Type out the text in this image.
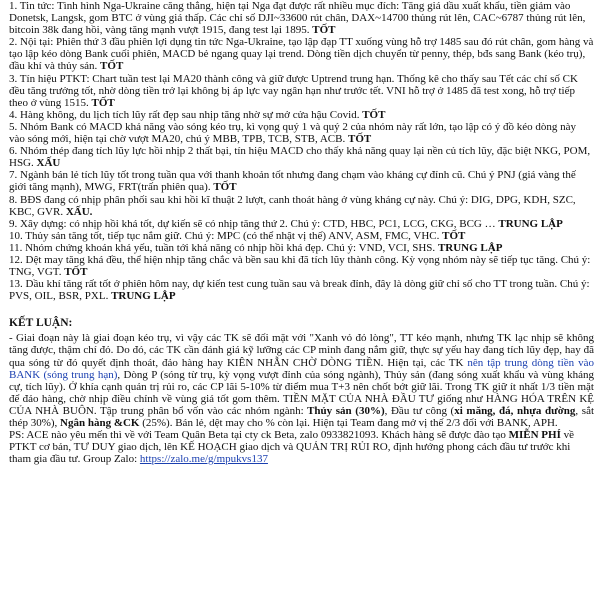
1. Tin tức: Tình hình Nga-Ukraine căng thẳng, hiện tại Nga đạt được rất nhiều mục đích: Tăng giá dầu xuất khẩu, tiền giảm vào Donetsk, Langsk, gom BTC ở vùng giá thấp. Các chỉ số DJI~33600 rút chân, DAX~14700 thủng rút lên, CAC~6787 thủng rút lên, bitcoin 38k đang hồi, vàng tăng mạnh vượt 1915, đang test lại 1895. TỐT
2. Nội tại: Phiên thứ 3 đầu phiên lợi dụng tin tức Nga-Ukraine, tạo lập đạp TT xuống vùng hỗ trợ 1485 sau đó rút chân, gom hàng và tạo lập kéo dòng Bank cuối phiên, MACD bẻ ngang quay lại trend. Dòng tiền dịch chuyển từ penny, thép, bđs sang Bank (kéo trụ), đầu khí và thủy sản. TỐT
3. Tín hiệu PTKT: Chart tuần test lại MA20 thành công và giữ được Uptrend trung hạn. Thống kê cho thấy sau Tết các chỉ số CK đều tăng trưởng tốt, nhờ dòng tiền trở lại không bị áp lực vay ngân hạn như trước tết. VNI hỗ trợ ở 1485 đã test xong, hỗ trợ tiếp theo ở vùng 1515. TỐT
4. Hàng không, du lịch tích lũy rất đẹp sau nhịp tăng nhờ sự mở cửa hậu Covid. TỐT
5. Nhóm Bank có MACD khả năng vào sóng kéo trụ, kì vọng quý 1 và quý 2 của nhóm này rất lớn, tạo lập có ý đồ kéo dòng này vào sóng mới, hiện tại chờ vượt MA20, chú ý MBB, TPB, TCB, STB, ACB. TỐT
6. Nhóm thép đang tích lũy lực hồi nhịp 2 thất bại, tín hiệu MACD cho thấy khả năng quay lại nền củ tích lũy, đặc biệt NKG, POM, HSG. XẤU
7. Ngành bán lẻ tích lũy tốt trong tuần qua với thanh khoản tốt nhưng đang chạm vào kháng cự đỉnh cũ. Chú ý PNJ (giá vàng thế giới tăng mạnh), MWG, FRT(trấn phiên qua). TỐT
8. BĐS đang có nhịp phân phối sau khi hồi kĩ thuật 2 lượt, canh thoát hàng ở vùng kháng cự này. Chú ý: DIG, DPG, KDH, SZC, KBC, GVR. XẤU.
9. Xây dựng: có nhịp hồi khá tốt, dự kiến sẽ có nhịp tăng thứ 2. Chú ý: CTD, HBC, PC1, LCG, CKG, BCG … TRUNG LẬP
10. Thủy sản tăng tốt, tiếp tục nắm giữ. Chú ý: MPC (có thể nhật vị thế) ANV, ASM, FMC, VHC. TỐT
11. Nhóm chứng khoán khá yếu, tuần tới khả năng có nhịp hồi khá đẹp. Chú ý: VND, VCI, SHS. TRUNG LẬP
12. Dệt may tăng khá đều, thể hiện nhịp tăng chắc và bền sau khi đã tích lũy thành công. Kỳ vọng nhóm này sẽ tiếp tục tăng. Chú ý: TNG, VGT. TỐT
13. Dầu khí tăng rất tốt ở phiên hôm nay, dự kiến test cung tuần sau và break đỉnh, đây là dòng giữ chỉ số cho TT trong tuần. Chú ý: PVS, OIL, BSR, PXL. TRUNG LẬP
KẾT LUẬN:
- Giai đoạn này là giai đoạn kéo trụ, vì vậy các TK sẽ đối mặt với "Xanh vỏ đỏ lòng", TT kéo mạnh, nhưng TK lạc nhịp sẽ không tăng được, thậm chí đỏ. Do đó, các TK cần đánh giá kỹ lưỡng các CP mình đang nắm giữ, thực sự yếu hay đang tích lũy đẹp, hay đã qua sóng từ đó quyết định thoát, đảo hàng hay KIÊN NHẪN CHỜ DÒNG TIỀN. Hiện tại, các TK nên tập trung dòng tiền vào BANK (sóng trung hạn), Dòng P (sóng từ trụ, kỳ vọng vượt đỉnh của sóng ngành), Thủy sản (đang sóng xuất khẩu và vùng kháng cự, tích lũy). Ở khía cạnh quản trị rủi ro, các CP lãi 5-10% từ điểm mua T+3 nên chốt bớt giữ lãi. Trong TK giữ ít nhất 1/3 tiền mặt để đảo hàng, chờ nhịp điều chỉnh về vùng giá tốt gom thêm. TIỀN MẶT CỦA NHÀ ĐẦU TƯ giống như HÀNG HÓA TRÊN KỆ CỦA NHÀ BUÔN. Tập trung phân bổ vốn vào các nhóm ngành: Thủy sản (30%), Đầu tư công (xi măng, đá, nhựa đường, sắt thép 30%), Ngân hàng &CK (25%). Bán lẻ, dệt may cho % còn lại. Hiện tại Team đang mở vị thế 2/3 đối với BANK, APH.
PS: ACE nào yêu mến thì về với Team Quân Beta tại cty ck Beta, zalo 0933821093. Khách hàng sẽ được đào tạo MIỄN PHÍ về PTKT cơ bản, TƯ DUY giao dịch, lên KẾ HOẠCH giao dịch và QUẢN TRỊ RỦI RO, định hướng phong cách đầu tư trước khi tham gia đầu tư. Group Zalo: https://zalo.me/g/mpukvs137
